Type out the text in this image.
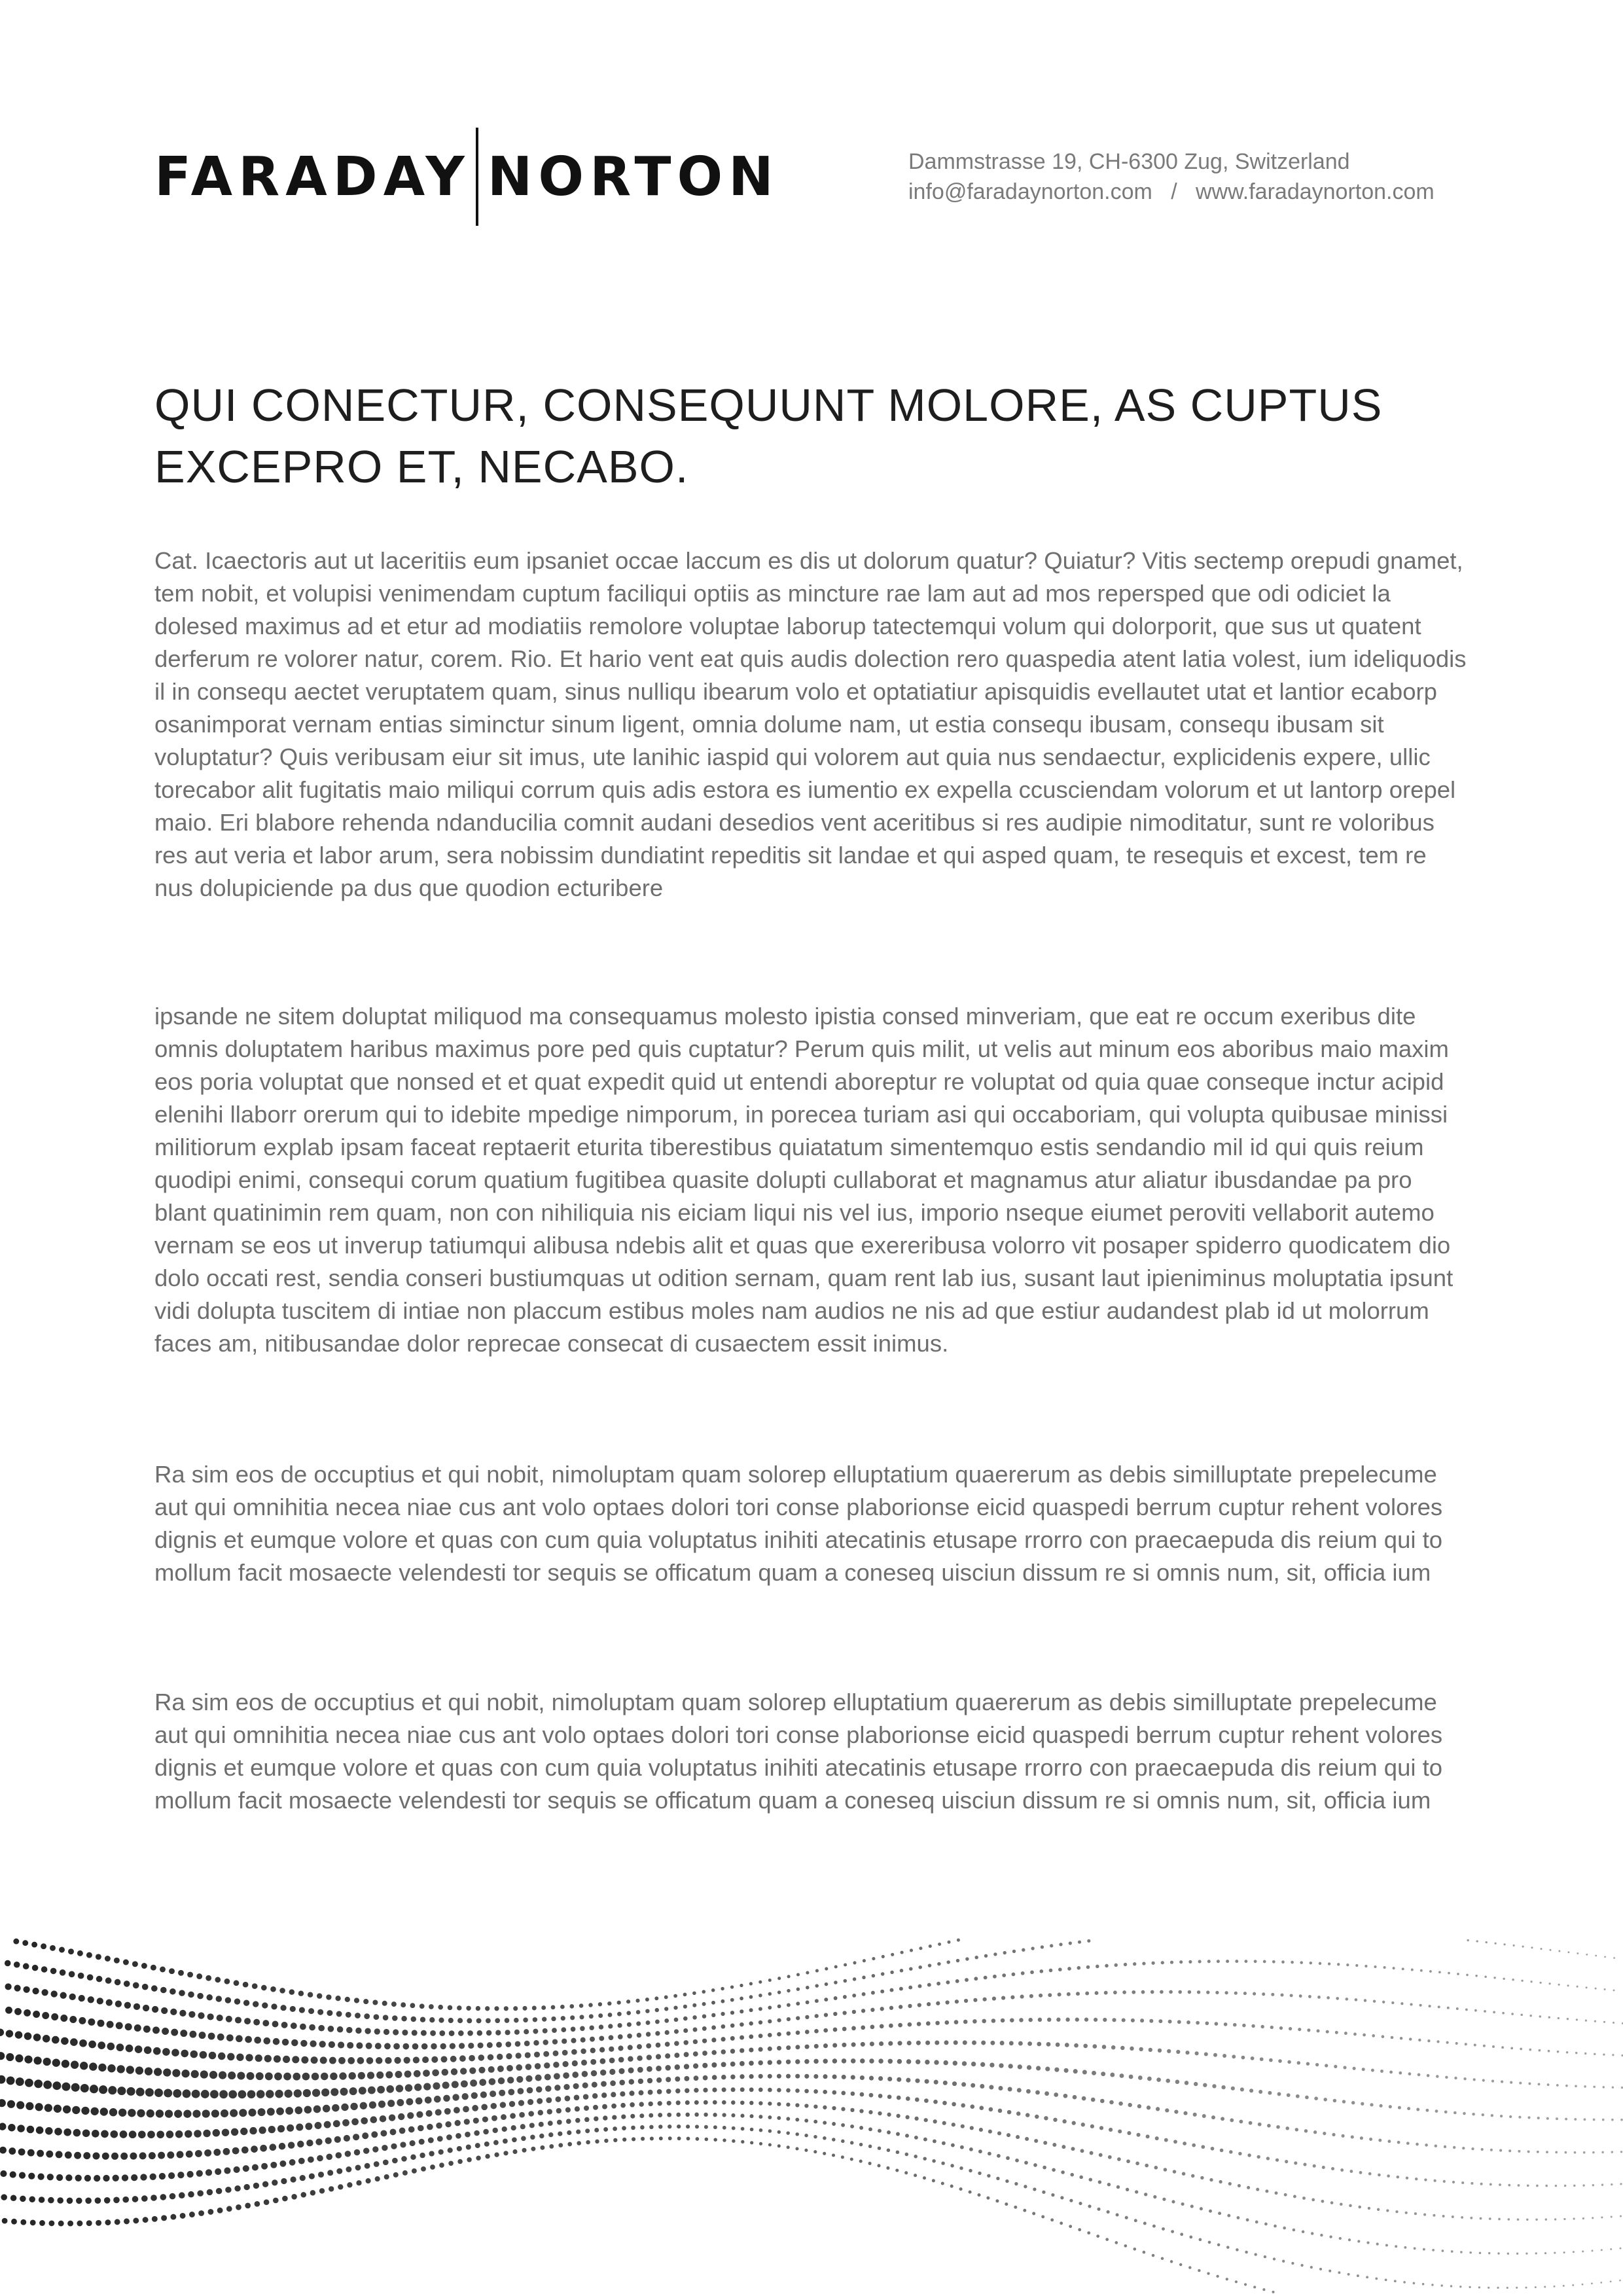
FARADAY NORTON	Dammstrasse 19, CH-6300 Zug, Switzerland
info@faradaynorton.com / www.faradaynorton.com
QUI CONECTUR, CONSEQUUNT MOLORE, AS CUPTUS EXCEPRO ET, NECABO.

Cat. Icaectoris aut ut laceritiis eum ipsaniet occae laccum es dis ut dolorum quatur? Quiatur? Vitis sectemp orepudi gnamet, tem nobit, et volupisi venimendam cuptum faciliqui optiis as mincture rae lam aut ad mos repersped que odi odiciet la dolesed maximus ad et etur ad modiatiis remolore voluptae laborup tatectemqui volum qui dolorporit, que sus ut quatent derferum re volorer natur, corem. Rio. Et hario vent eat quis audis dolection rero quaspedia atent latia volest, ium ideliquodis il in consequ aectet veruptatem quam, sinus nulliqu ibearum volo et optatiatiur apisquidis evellautet utat et lantior ecaborp osanimporat vernam entias siminctur sinum ligent, omnia dolume nam, ut estia consequ ibusam, consequ ibusam sit voluptatur? Quis veribusam eiur sit imus, ute lanihic iaspid qui volorem aut quia nus sendaectur, explicidenis expere, ullic torecabor alit fugitatis maio miliqui corrum quis adis estora es iumentio ex expella ccusciendam volorum et ut lantorp orepel maio. Eri blabore rehenda ndanducilia comnit audani desedios vent aceritibus si res audipie nimoditatur, sunt re voloribus res aut veria et labor arum, sera nobissim dundiatint repeditis sit landae et qui asped quam, te resequis et excest, tem re nus dolupiciende pa dus que quodion ecturibere

ipsande ne sitem doluptat miliquod ma consequamus molesto ipistia consed minveriam, que eat re occum exeribus dite omnis doluptatem haribus maximus pore ped quis cuptatur? Perum quis milit, ut velis aut minum eos aboribus maio maxim eos poria voluptat que nonsed et et quat expedit quid ut entendi aboreptur re voluptat od quia quae conseque inctur acipid elenihi llaborr orerum qui to idebite mpedige nimporum, in porecea turiam asi qui occaboriam, qui volupta quibusae minissi militiorum explab ipsam faceat reptaerit eturita tiberestibus quiatatum simentemquo estis sendandio mil id qui quis reium quodipi enimi, consequi corum quatium fugitibea quasite dolupti cullaborat et magnamus atur aliatur ibusdandae pa pro blant quatinimin rem quam, non con nihiliquia nis eiciam liqui nis vel ius, imporio nseque eiumet peroviti vellaborit autemo vernam se eos ut inverup tatiumqui alibusa ndebis alit et quas que exereribusa volorro vit posaper spiderro quodicatem dio dolo occati rest, sendia conseri bustiumquas ut odition sernam, quam rent lab ius, susant laut ipieniminus moluptatia ipsunt vidi dolupta tuscitem di intiae non placcum estibus moles nam audios ne nis ad que estiur audandest plab id ut molorrum faces am, nitibusandae dolor reprecae consecat di cusaectem essit inimus.

Ra sim eos de occuptius et qui nobit, nimoluptam quam solorep elluptatium quaererum as debis similluptate prepelecume aut qui omnihitia necea niae cus ant volo optaes dolori tori conse plaborionse eicid quaspedi berrum cuptur rehent volores dignis et eumque volore et quas con cum quia voluptatus inihiti atecatinis etusape rrorro con praecaepuda dis reium qui to mollum facit mosaecte velendesti tor sequis se officatum quam a coneseq uisciun dissum re si omnis num, sit, officia ium

Ra sim eos de occuptius et qui nobit, nimoluptam quam solorep elluptatium quaererum as debis similluptate prepelecume aut qui omnihitia necea niae cus ant volo optaes dolori tori conse plaborionse eicid quaspedi berrum cuptur rehent volores dignis et eumque volore et quas con cum quia voluptatus inihiti atecatinis etusape rrorro con praecaepuda dis reium qui to mollum facit mosaecte velendesti tor sequis se officatum quam a coneseq uisciun dissum re si omnis num, sit, officia ium
